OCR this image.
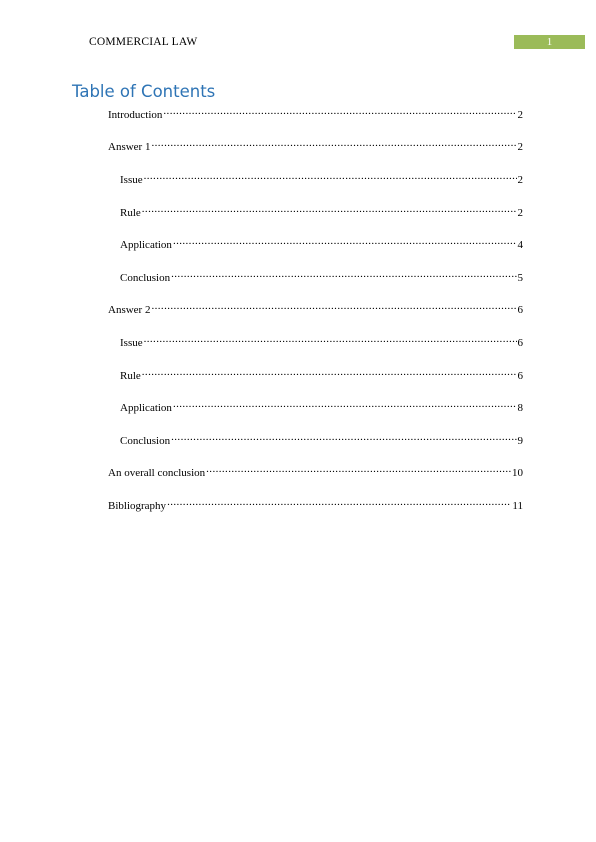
COMMERCIAL LAW	1
Table of Contents
Introduction .....	2
Answer 1 .....	2
Issue .....	2
Rule .....	2
Application .....	4
Conclusion .....	5
Answer 2 .....	6
Issue .....	6
Rule .....	6
Application .....	8
Conclusion .....	9
An overall conclusion .....	10
Bibliography .....	11
